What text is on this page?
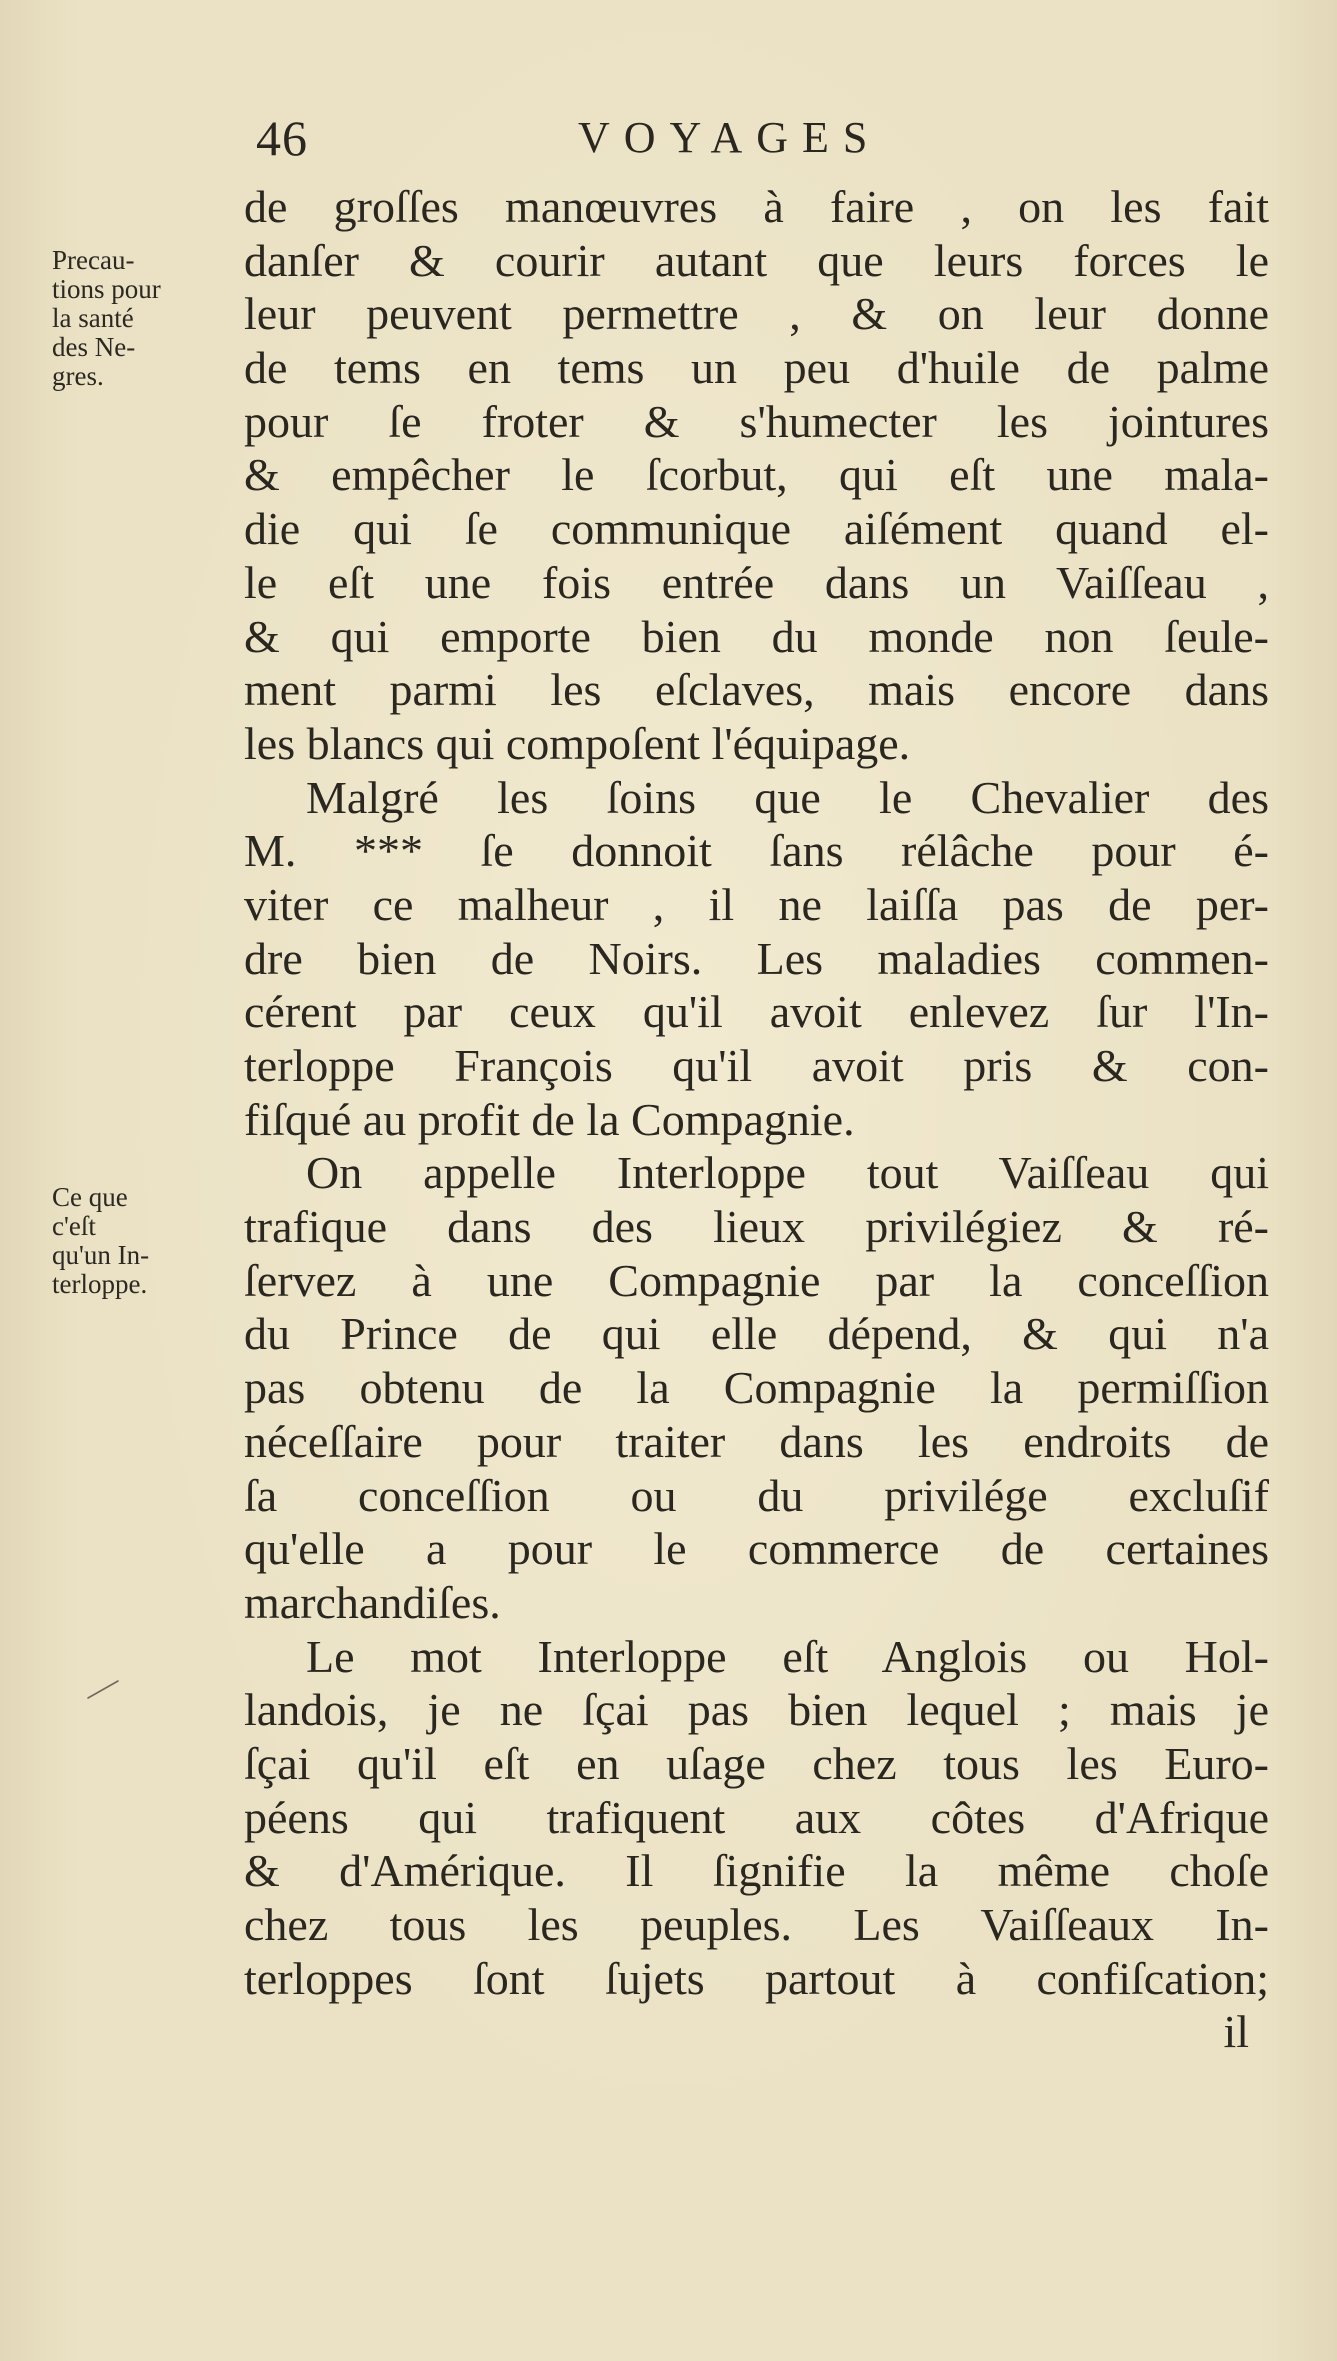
46	VOYAGES
Precau-
tions pour
la santé
des Ne-
gres.
Ce que
c'eſt
qu'un In-
terloppe.
de groſſes manœuvres à faire , on les fait
danſer & courir autant que leurs forces le
leur peuvent permettre , & on leur donne
de tems en tems un peu d'huile de palme
pour ſe froter & s'humecter les jointures
& empêcher le ſcorbut, qui eſt une mala-
die qui ſe communique aiſément quand el-
le eſt une fois entrée dans un Vaiſſeau ,
& qui emporte bien du monde non ſeule-
ment parmi les eſclaves, mais encore dans
les blancs qui compoſent l'équipage.
Malgré les ſoins que le Chevalier des
M. *** ſe donnoit ſans rélâche pour é-
viter ce malheur , il ne laiſſa pas de per-
dre bien de Noirs. Les maladies commen-
cérent par ceux qu'il avoit enlevez ſur l'In-
terloppe François qu'il avoit pris & con-
fiſqué au profit de la Compagnie.
On appelle Interloppe tout Vaiſſeau qui
trafique dans des lieux privilégiez & ré-
ſervez à une Compagnie par la conceſſion
du Prince de qui elle dépend, & qui n'a
pas obtenu de la Compagnie la permiſſion
néceſſaire pour traiter dans les endroits de
ſa conceſſion ou du privilége excluſif
qu'elle a pour le commerce de certaines
marchandiſes.
Le mot Interloppe eſt Anglois ou Hol-
landois, je ne ſçai pas bien lequel ; mais je
ſçai qu'il eſt en uſage chez tous les Euro-
péens qui trafiquent aux côtes d'Afrique
& d'Amérique. Il ſignifie la même choſe
chez tous les peuples. Les Vaiſſeaux In-
terloppes ſont ſujets partout à confiſcation;
il
